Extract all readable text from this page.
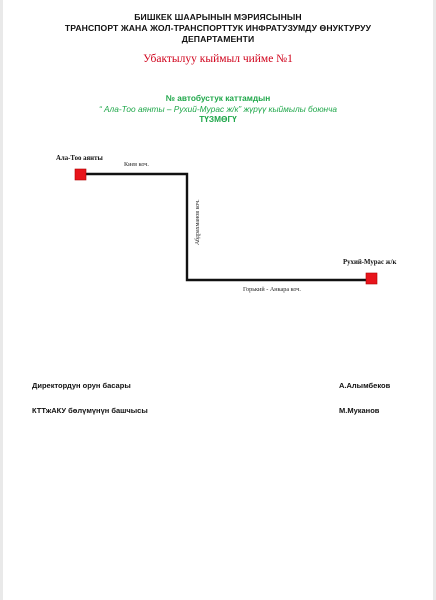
БИШКЕК ШААРЫНЫН МЭРИЯСЫНЫН
ТРАНСПОРТ ЖАНА ЖОЛ-ТРАНСПОРТТУК ИНФРАТУЗУМДУ ӨНУКТУРУУ
ДЕПАРТАМЕНТИ
Убактылуу кыймыл чийме №1
№ автобустук каттамдын
“ Ала-Тоо аянты – Рухий-Мурас ж/к” жүрүү кыймылы боюнча
ТҮЗМӨГҮ
Ала-Тоо аянты
Киев коч.
Абдрахманов коч.
Рухий-Мурас ж/к
Горький - Анкара коч.
Директордун орун басары	А.Алымбеков
КТТжАКУ бөлүмүнүн башчысы	М.Муканов
